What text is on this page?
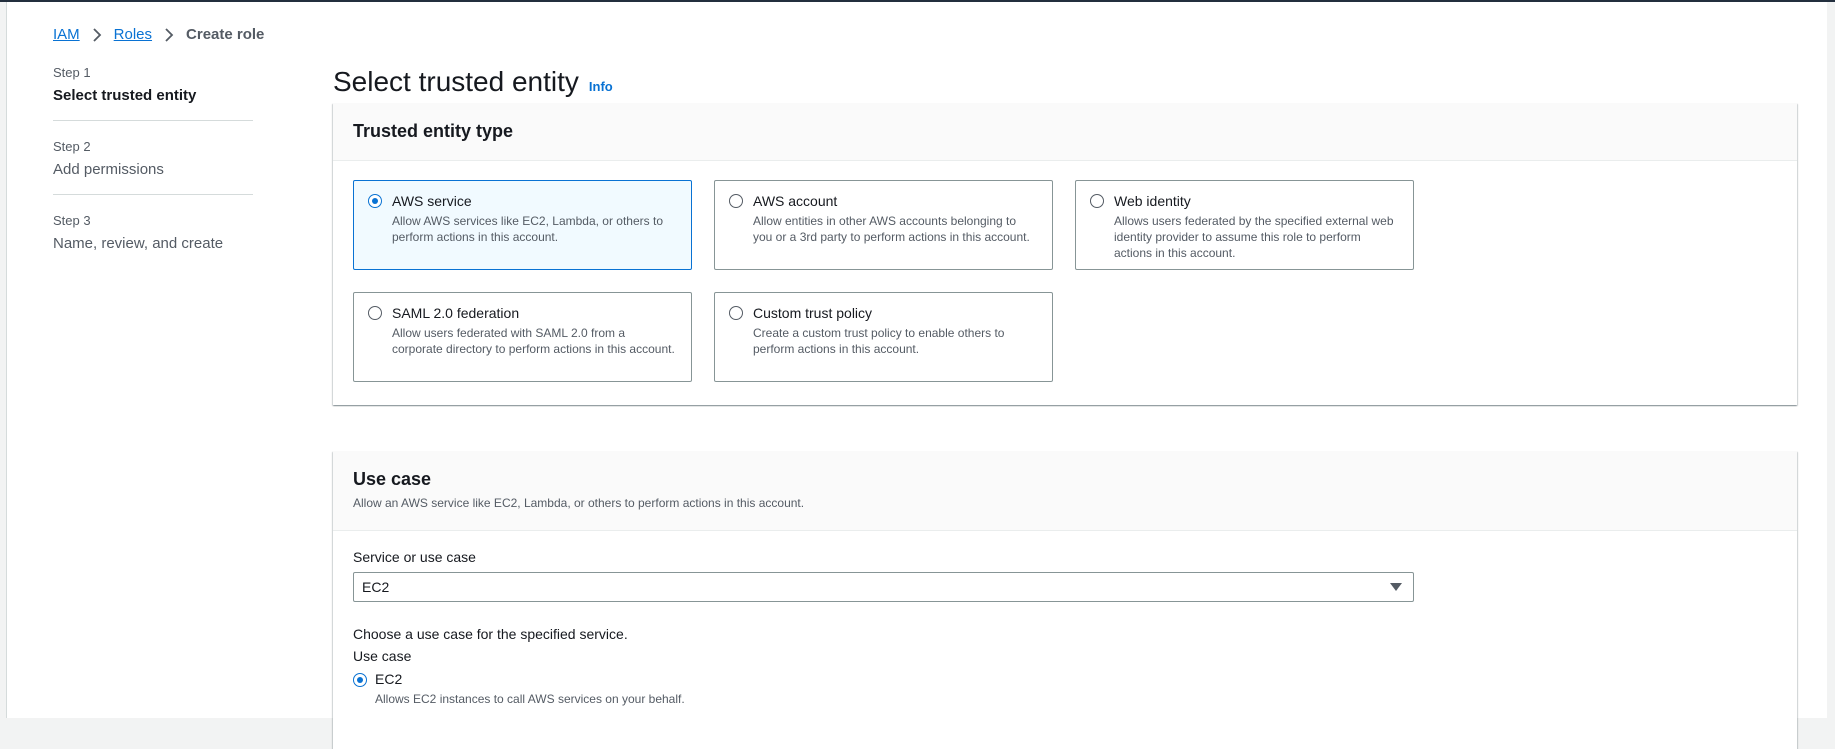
IAM Roles Create role
Step 1
Select trusted entity
Step 2
Add permissions
Step 3
Name, review, and create
Select trusted entity Info
Trusted entity type
AWS service
Allow AWS services like EC2, Lambda, or others to perform actions in this account.
AWS account
Allow entities in other AWS accounts belonging to you or a 3rd party to perform actions in this account.
Web identity
Allows users federated by the specified external web identity provider to assume this role to perform actions in this account.
SAML 2.0 federation
Allow users federated with SAML 2.0 from a corporate directory to perform actions in this account.
Custom trust policy
Create a custom trust policy to enable others to perform actions in this account.
Use case
Allow an AWS service like EC2, Lambda, or others to perform actions in this account.
Service or use case
EC2
Choose a use case for the specified service.
Use case
EC2
Allows EC2 instances to call AWS services on your behalf.
